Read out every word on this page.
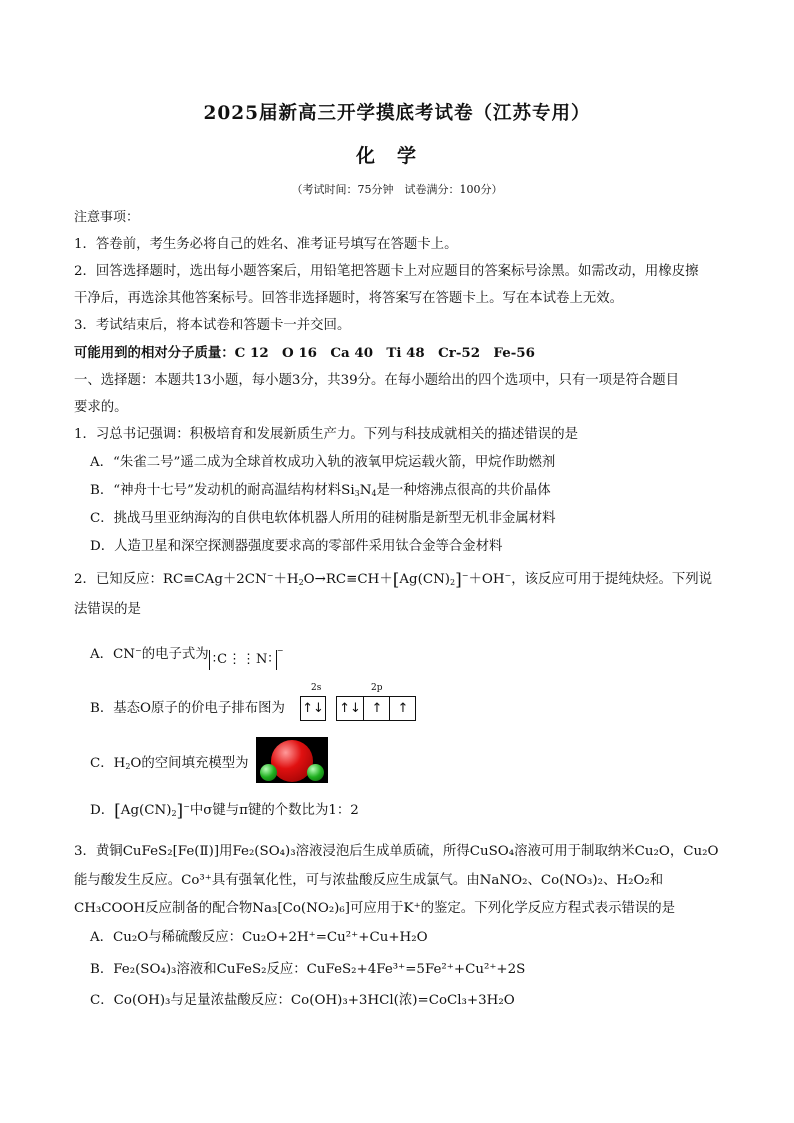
2025届新高三开学摸底考试卷（江苏专用）
化学
（考试时间：75分钟　试卷满分：100分）
注意事项：
1．答卷前，考生务必将自己的姓名、准考证号填写在答题卡上。
2．回答选择题时，选出每小题答案后，用铅笔把答题卡上对应题目的答案标号涂黑。如需改动，用橡皮擦
干净后，再选涂其他答案标号。回答非选择题时，将答案写在答题卡上。写在本试卷上无效。
3．考试结束后，将本试卷和答题卡一并交回。
可能用到的相对分子质量：C 12　O 16　Ca 40　Ti 48　Cr-52　Fe-56
一、选择题：本题共13小题，每小题3分，共39分。在每小题给出的四个选项中，只有一项是符合题目
要求的。
1．习总书记强调：积极培育和发展新质生产力。下列与科技成就相关的描述错误的是
A．“朱雀二号”遥二成为全球首枚成功入轨的液氧甲烷运载火箭，甲烷作助燃剂
B．“神舟十七号”发动机的耐高温结构材料$Si_3N_4$是一种熔沸点很高的共价晶体
C．挑战马里亚纳海沟的自供电软体机器人所用的硅树脂是新型无机非金属材料
D．人造卫星和深空探测器强度要求高的零部件采用钛合金等合金材料
2．已知反应：$RC\equiv CAg+2CN^-+H_2O\to RC\equiv CH+[Ag(CN)_2]^-+OH^-$，该反应可用于提纯炔烃。下列说
法错误的是
A．CN−的电子式为 ∶C⋮⋮N∶−
B．基态O原子的价电子排布图为
2s	2p
↑↓ ↑↓ ↑	↑
C．$H_2O$的空间填充模型为
D．$[Ag(CN)_2]^-$中σ键与π键的个数比为1：2
3．黄铜CuFeS₂[Fe(Ⅱ)]用Fe₂(SO₄)₃溶液浸泡后生成单质硫，所得CuSO₄溶液可用于制取纳米Cu₂O，Cu₂O
能与酸发生反应。Co³⁺具有强氧化性，可与浓盐酸反应生成氯气。由NaNO₂、Co(NO₃)₂、H₂O₂和
CH₃COOH反应制备的配合物Na₃[Co(NO₂)₆]可应用于K⁺的鉴定。下列化学反应方程式表示错误的是
A．Cu₂O与稀硫酸反应：Cu₂O+2H⁺=Cu²⁺+Cu+H₂O
B．Fe₂(SO₄)₃溶液和CuFeS₂反应：CuFeS₂+4Fe³⁺=5Fe²⁺+Cu²⁺+2S
C．Co(OH)₃与足量浓盐酸反应：Co(OH)₃+3HCl(浓)=CoCl₃+3H₂O
